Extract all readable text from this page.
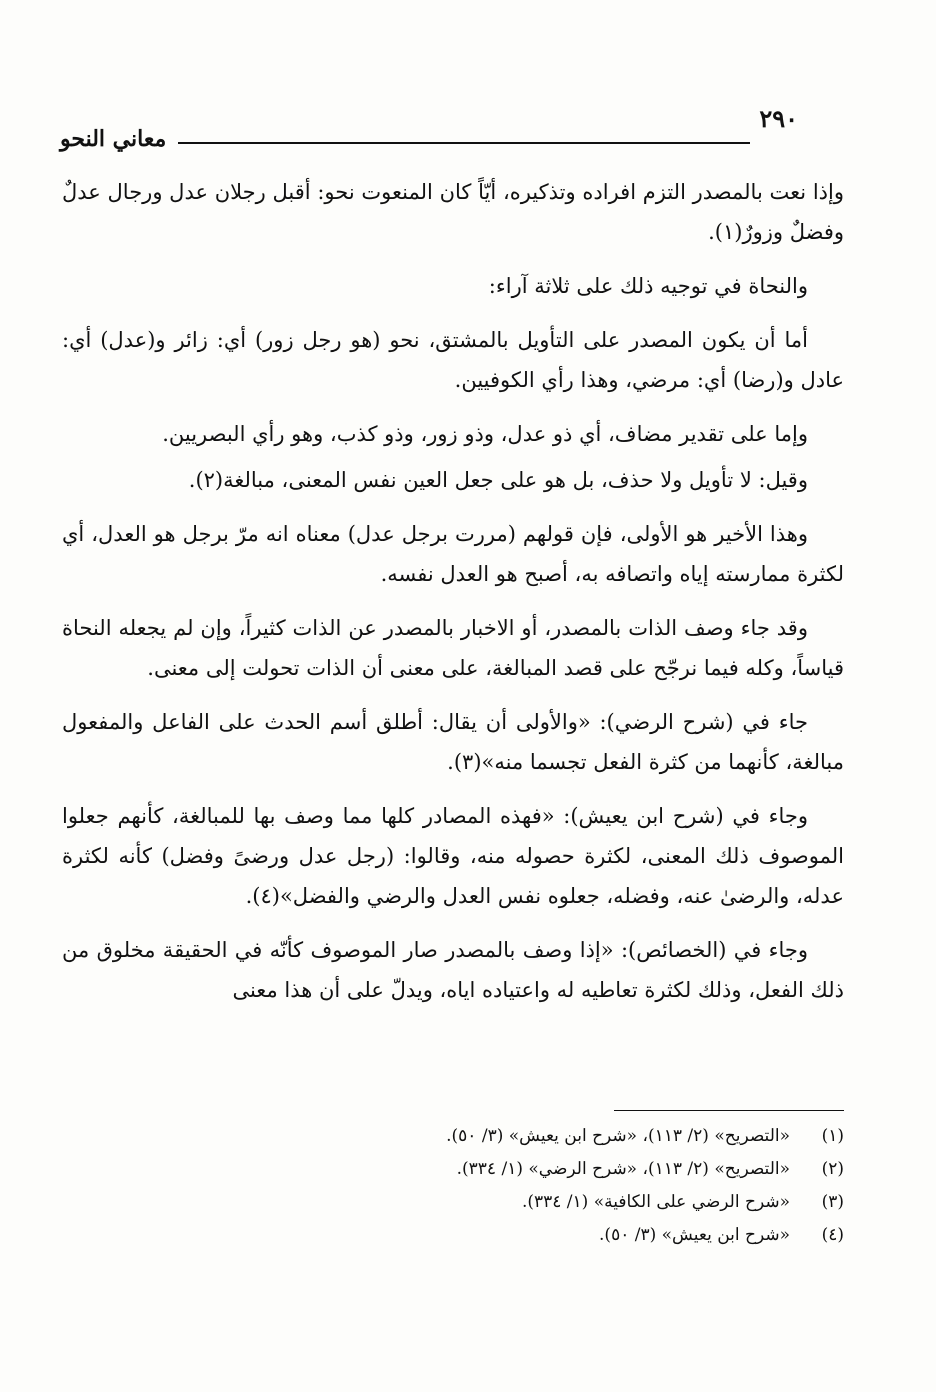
٢٩٠
معاني النحو

وإذا نعت بالمصدر التزم افراده وتذكيره، أيّاً كان المنعوت نحو: أقبل رجلان عدل ورجال عدلٌ وفضلٌ وزورٌ(١).

والنحاة في توجيه ذلك على ثلاثة آراء:

أما أن يكون المصدر على التأويل بالمشتق، نحو (هو رجل زور) أي: زائر و(عدل) أي: عادل و(رضا) أي: مرضي، وهذا رأي الكوفيين.

وإما على تقدير مضاف، أي ذو عدل، وذو زور، وذو كذب، وهو رأي البصريين.

وقيل: لا تأويل ولا حذف، بل هو على جعل العين نفس المعنى، مبالغة(٢).

وهذا الأخير هو الأولى، فإن قولهم (مررت برجل عدل) معناه انه مرّ برجل هو العدل، أي لكثرة ممارسته إياه واتصافه به، أصبح هو العدل نفسه.

وقد جاء وصف الذات بالمصدر، أو الاخبار بالمصدر عن الذات كثيراً، وإن لم يجعله النحاة قياساً، وكله فيما نرجّح على قصد المبالغة، على معنى أن الذات تحولت إلى معنى.

جاء في (شرح الرضي): «والأولى أن يقال: أطلق أسم الحدث على الفاعل والمفعول مبالغة، كأنهما من كثرة الفعل تجسما منه»(٣).

وجاء في (شرح ابن يعيش): «فهذه المصادر كلها مما وصف بها للمبالغة، كأنهم جعلوا الموصوف ذلك المعنى، لكثرة حصوله منه، وقالوا: (رجل عدل ورضىً وفضل) كأنه لكثرة عدله، والرضىٰ عنه، وفضله، جعلوه نفس العدل والرضي والفضل»(٤).

وجاء في (الخصائص): «إذا وصف بالمصدر صار الموصوف كأنّه في الحقيقة مخلوق من ذلك الفعل، وذلك لكثرة تعاطيه له واعتياده اياه، ويدلّ على أن هذا معنى

(١)
«التصريح» (٢/ ١١٣)، «شرح ابن يعيش» (٣/ ٥٠).
(٢)
«التصريح» (٢/ ١١٣)، «شرح الرضي» (١/ ٣٣٤).
(٣)
«شرح الرضي على الكافية» (١/ ٣٣٤).
(٤)
«شرح ابن يعيش» (٣/ ٥٠).
